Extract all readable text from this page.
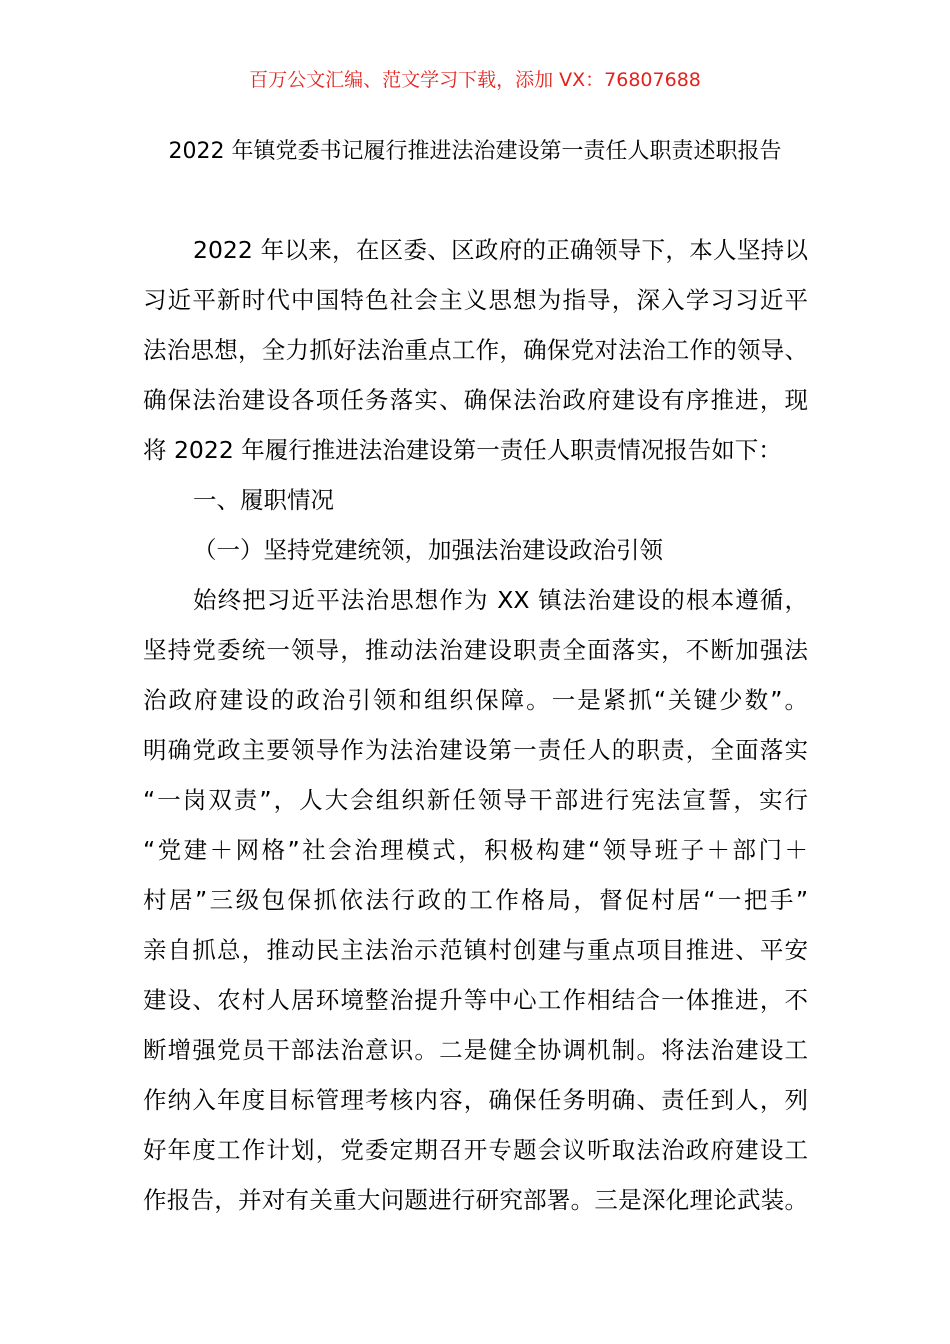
百万公文汇编、范文学习下载，添加 VX：76807688
2022 年镇党委书记履行推进法治建设第一责任人职责述职报告
2022 年以来，在区委、区政府的正确领导下，本人坚持以
习近平新时代中国特色社会主义思想为指导，深入学习习近平
法治思想，全力抓好法治重点工作，确保党对法治工作的领导、
确保法治建设各项任务落实、确保法治政府建设有序推进，现
将 2022 年履行推进法治建设第一责任人职责情况报告如下：
一、履职情况
（一）坚持党建统领，加强法治建设政治引领
始终把习近平法治思想作为 XX 镇法治建设的根本遵循，
坚持党委统一领导，推动法治建设职责全面落实，不断加强法
治政府建设的政治引领和组织保障。一是紧抓“关键少数”。
明确党政主要领导作为法治建设第一责任人的职责，全面落实
“一岗双责”，人大会组织新任领导干部进行宪法宣誓，实行
“党建＋网格”社会治理模式，积极构建“领导班子＋部门＋
村居”三级包保抓依法行政的工作格局，督促村居“一把手”
亲自抓总，推动民主法治示范镇村创建与重点项目推进、平安
建设、农村人居环境整治提升等中心工作相结合一体推进，不
断增强党员干部法治意识。二是健全协调机制。将法治建设工
作纳入年度目标管理考核内容，确保任务明确、责任到人，列
好年度工作计划，党委定期召开专题会议听取法治政府建设工
作报告，并对有关重大问题进行研究部署。三是深化理论武装。
